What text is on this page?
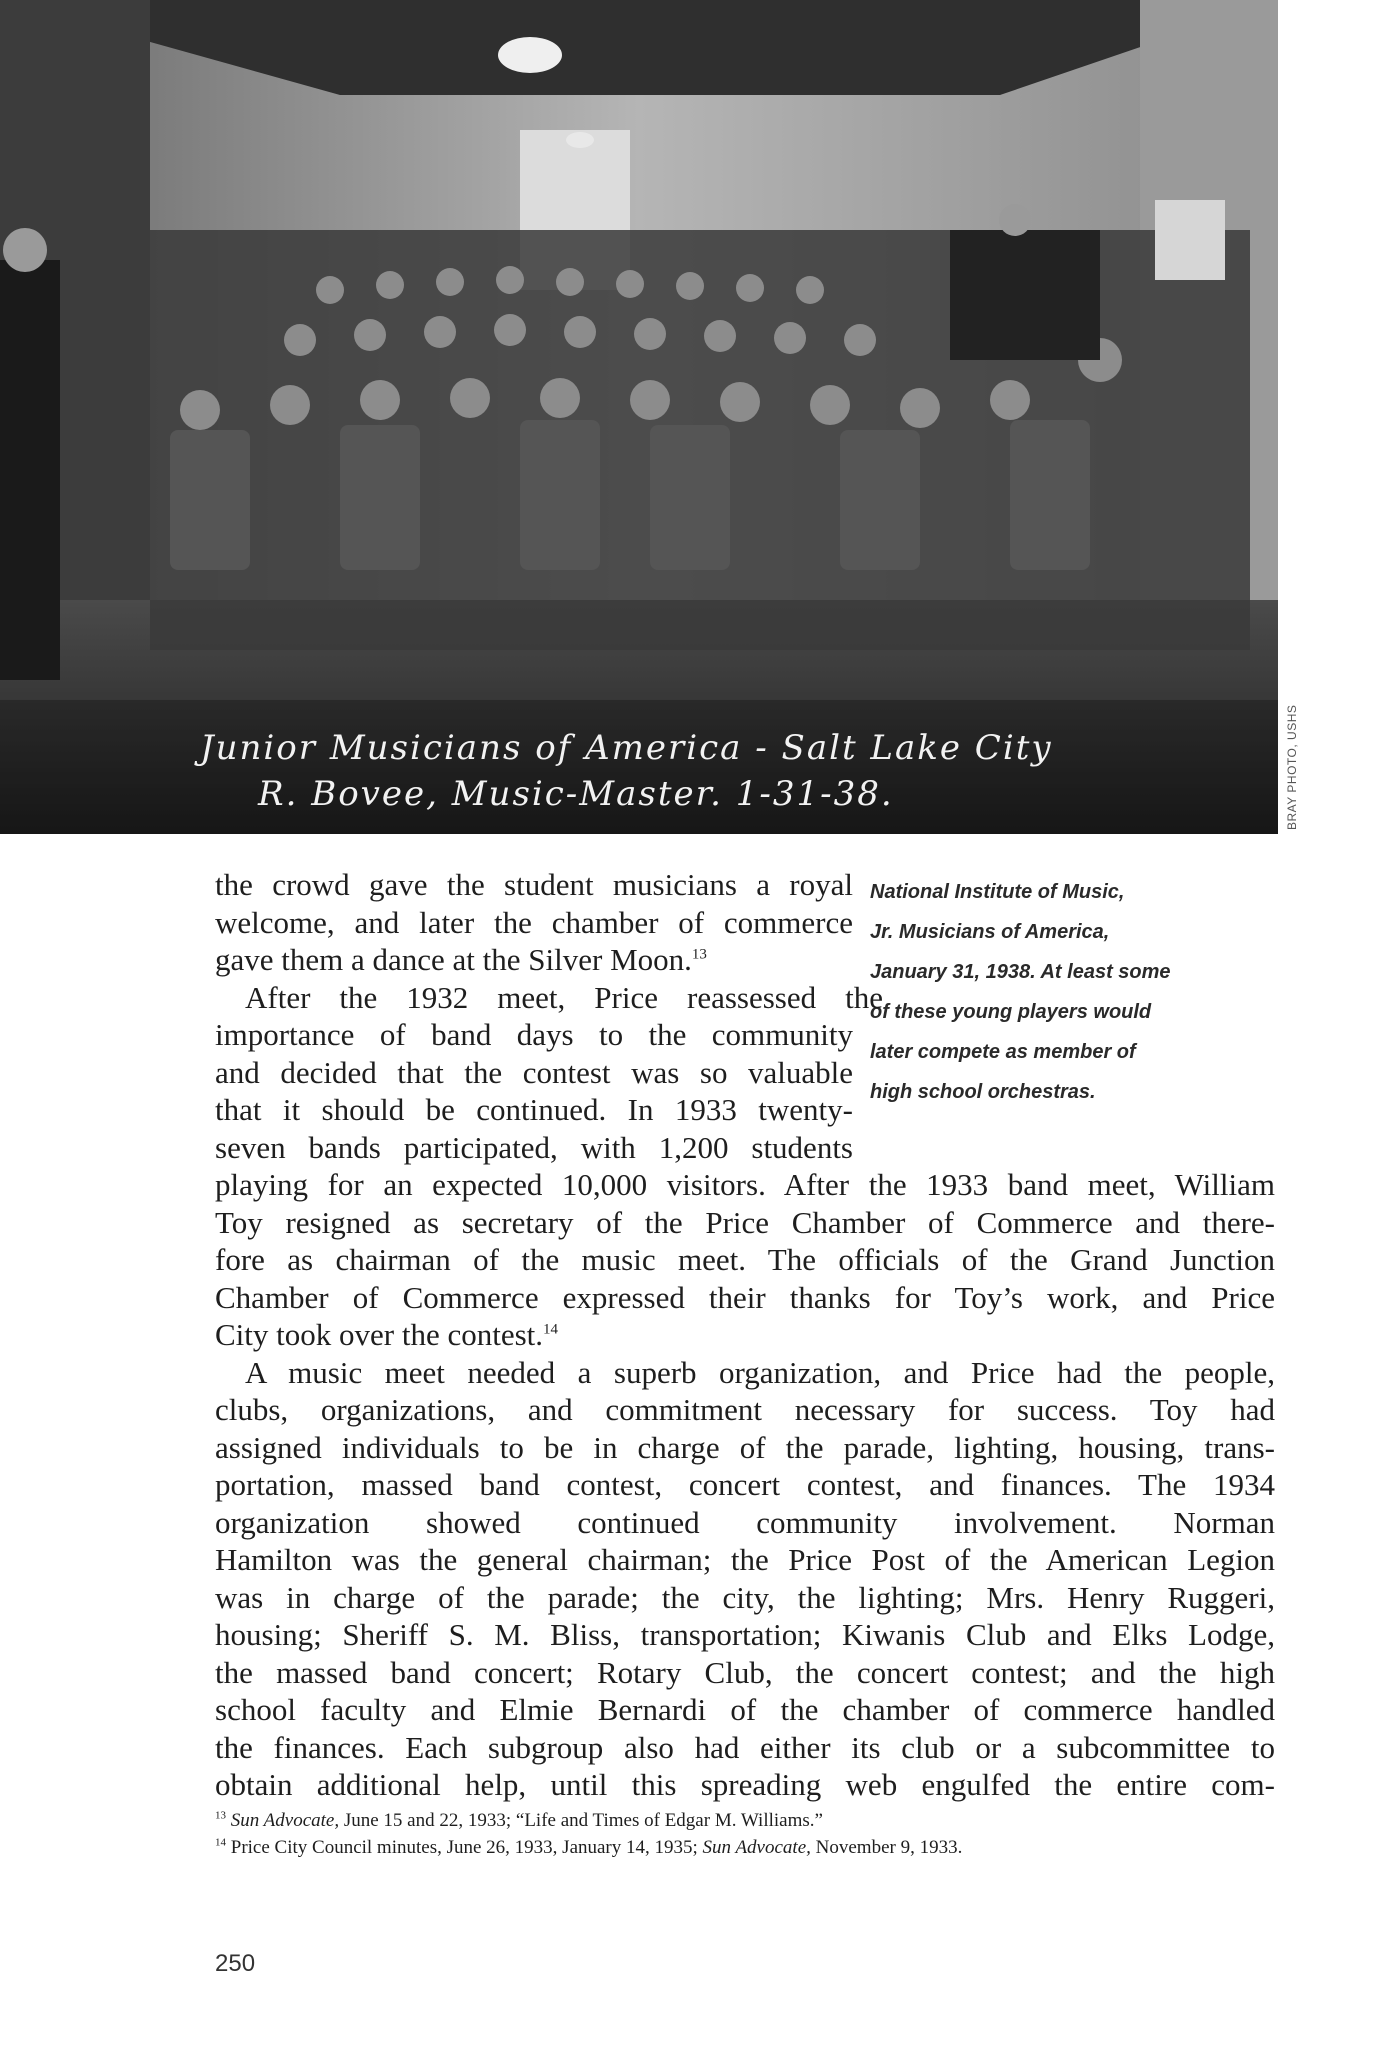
Junior Musicians of America - Salt Lake City
R. Bovee, Music-Master. 1-31-38.	BRAY PHOTO, USHS
National Institute of Music,
Jr. Musicians of America,
January 31, 1938. At least some
of these young players would
later compete as member of
high school orchestras.
the crowd gave the student musicians a royal
welcome, and later the chamber of commerce
gave them a dance at the Silver Moon.$^{13}$
After the 1932 meet, Price reassessed the
importance of band days to the community
and decided that the contest was so valuable
that it should be continued. In 1933 twenty-
seven bands participated, with 1,200 students
playing for an expected 10,000 visitors. After the 1933 band meet, William
Toy resigned as secretary of the Price Chamber of Commerce and there-
fore as chairman of the music meet. The officials of the Grand Junction
Chamber of Commerce expressed their thanks for Toy’s work, and Price
City took over the contest.$^{14}$
A music meet needed a superb organization, and Price had the people,
clubs, organizations, and commitment necessary for success. Toy had
assigned individuals to be in charge of the parade, lighting, housing, trans-
portation, massed band contest, concert contest, and finances. The 1934
organization showed continued community involvement. Norman
Hamilton was the general chairman; the Price Post of the American Legion
was in charge of the parade; the city, the lighting; Mrs. Henry Ruggeri,
housing; Sheriff S. M. Bliss, transportation; Kiwanis Club and Elks Lodge,
the massed band concert; Rotary Club, the concert contest; and the high
school faculty and Elmie Bernardi of the chamber of commerce handled
the finances. Each subgroup also had either its club or a subcommittee to
obtain additional help, until this spreading web engulfed the entire com-
$^{13}$ Sun Advocate, June 15 and 22, 1933; “Life and Times of Edgar M. Williams.”
$^{14}$ Price City Council minutes, June 26, 1933, January 14, 1935; Sun Advocate, November 9, 1933.
250
